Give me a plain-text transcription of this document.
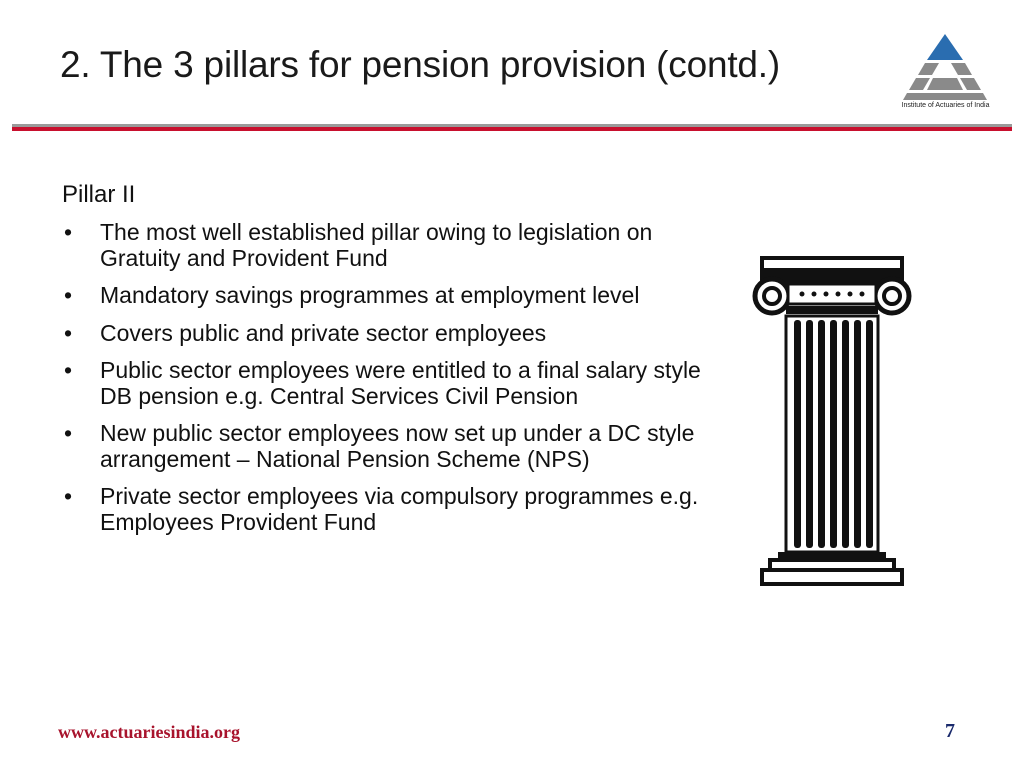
2. The 3 pillars for pension provision (contd.)
Institute of Actuaries of India
Pillar II
• The most well established pillar owing to legislation on Gratuity and Provident Fund
• Mandatory savings programmes at employment level
• Covers public and private sector employees
• Public sector employees were entitled to a final salary style DB pension e.g. Central Services Civil Pension
• New public sector employees now set up under a DC style arrangement – National Pension Scheme (NPS)
• Private sector employees via compulsory programmes e.g. Employees Provident Fund
www.actuariesindia.org	7
